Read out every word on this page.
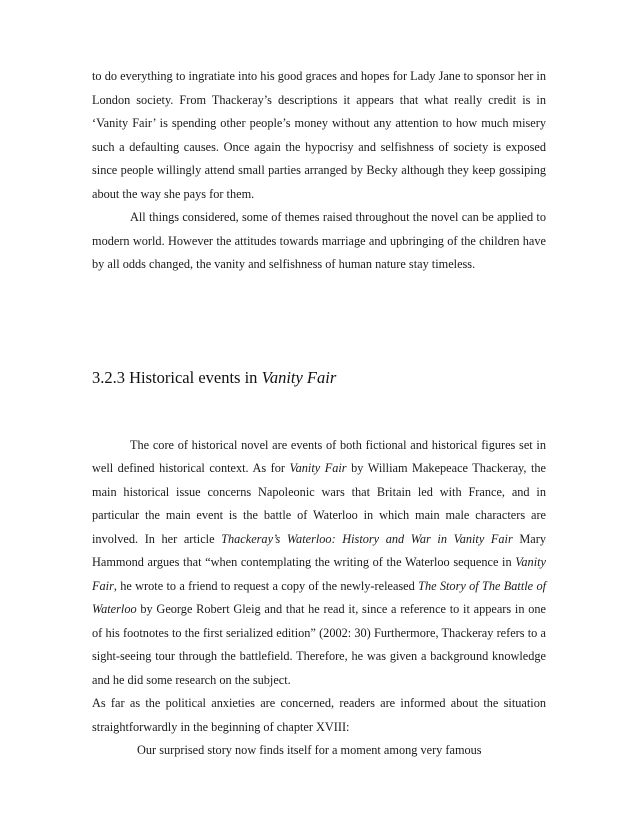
to do everything to ingratiate into his good graces and hopes for Lady Jane to sponsor her in London society. From Thackeray’s descriptions it appears that what really credit is in ‘Vanity Fair’ is spending other people’s money without any attention to how much misery such a defaulting causes. Once again the hypocrisy and selfishness of society is exposed since people willingly attend small parties arranged by Becky although they keep gossiping about the way she pays for them.

All things considered, some of themes raised throughout the novel can be applied to modern world. However the attitudes towards marriage and upbringing of the children have by all odds changed, the vanity and selfishness of human nature stay timeless.

3.2.3 Historical events in Vanity Fair

The core of historical novel are events of both fictional and historical figures set in well defined historical context. As for Vanity Fair by William Makepeace Thackeray, the main historical issue concerns Napoleonic wars that Britain led with France, and in particular the main event is the battle of Waterloo in which main male characters are involved. In her article Thackeray’s Waterloo: History and War in Vanity Fair Mary Hammond argues that “when contemplating the writing of the Waterloo sequence in Vanity Fair, he wrote to a friend to request a copy of the newly-released The Story of The Battle of Waterloo by George Robert Gleig and that he read it, since a reference to it appears in one of his footnotes to the first serialized edition” (2002: 30) Furthermore, Thackeray refers to a sight-seeing tour through the battlefield. Therefore, he was given a background knowledge and he did some research on the subject.

As far as the political anxieties are concerned, readers are informed about the situation straightforwardly in the beginning of chapter XVIII:

Our surprised story now finds itself for a moment among very famous
